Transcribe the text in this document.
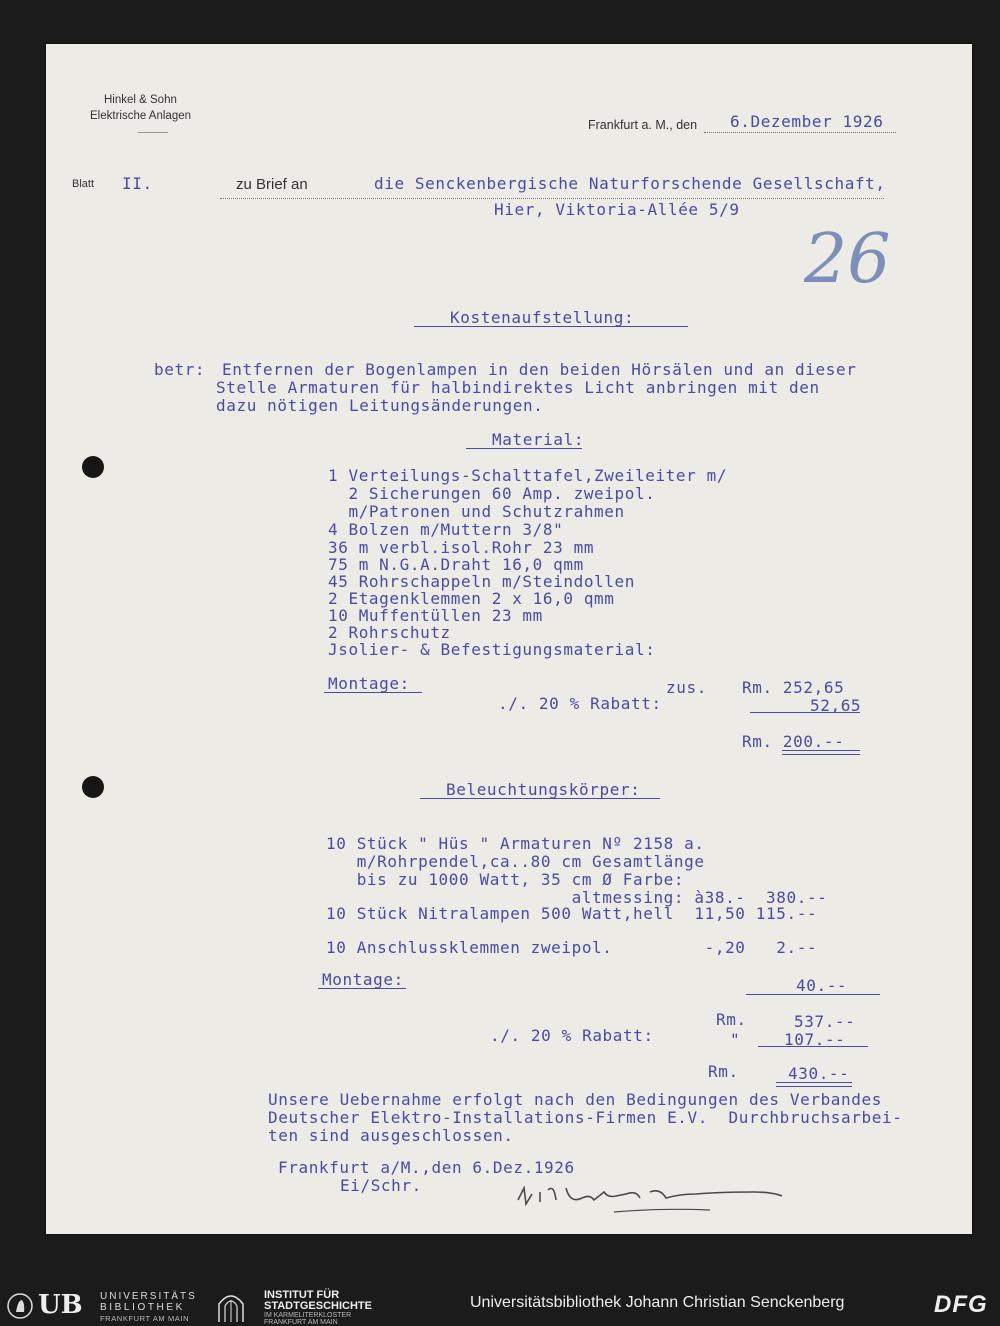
Hinkel & Sohn
Elektrische Anlagen
Frankfurt a. M., den 6.Dezember 1926
Blatt II.	zu Brief an	die Senckenbergische Naturforschende Gesellschaft,
Hier, Viktoria-Allée 5/9
26
Kostenaufstellung:
betr: Entfernen der Bogenlampen in den beiden Hörsälen und an dieser
Stelle Armaturen für halbindirektes Licht anbringen mit den
dazu nötigen Leitungsänderungen.
Material:
1 Verteilungs-Schalttafel,Zweileiter m/
2 Sicherungen 60 Amp. zweipol.
m/Patronen und Schutzrahmen
4 Bolzen m/Muttern 3/8"
36 m verbl.isol.Rohr 23 mm
75 m N.G.A.Draht 16,0 qmm
45 Rohrschappeln m/Steindollen
2 Etagenklemmen 2 x 16,0 qmm
10 Muffentüllen 23 mm
2 Rohrschutz
Jsolier- & Befestigungsmaterial:
Montage:	zus. Rm. 252,65
./. 20 % Rabatt:	52,65
Rm. 200.--
Beleuchtungskörper:
10 Stück " Hüs " Armaturen Nº 2158 a.
m/Rohrpendel,ca..80 cm Gesamtlänge
bis zu 1000 Watt, 35 cm Ø Farbe:
altmessing: à38.-  380.--
10 Stück Nitralampen 500 Watt,hell  11,50 115.--
10 Anschlussklemmen zweipol.         -,20   2.--
Montage:	40.--
Rm.	537.--
./. 20 % Rabatt:	"	107.--
Rm.	430.--
Unsere Uebernahme erfolgt nach den Bedingungen des Verbandes
Deutscher Elektro-Installations-Firmen E.V.  Durchbruchsarbei-
ten sind ausgeschlossen.
Frankfurt a/M.,den 6.Dez.1926
Ei/Schr.
UB UNIVERSITÄTS
BIBLIOTHEK
FRANKFURT AM MAIN
INSTITUT FÜR
STADTGESCHICHTE
IM KARMELITERKLOSTER
FRANKFURT AM MAIN
Universitätsbibliothek Johann Christian Senckenberg	DFG
